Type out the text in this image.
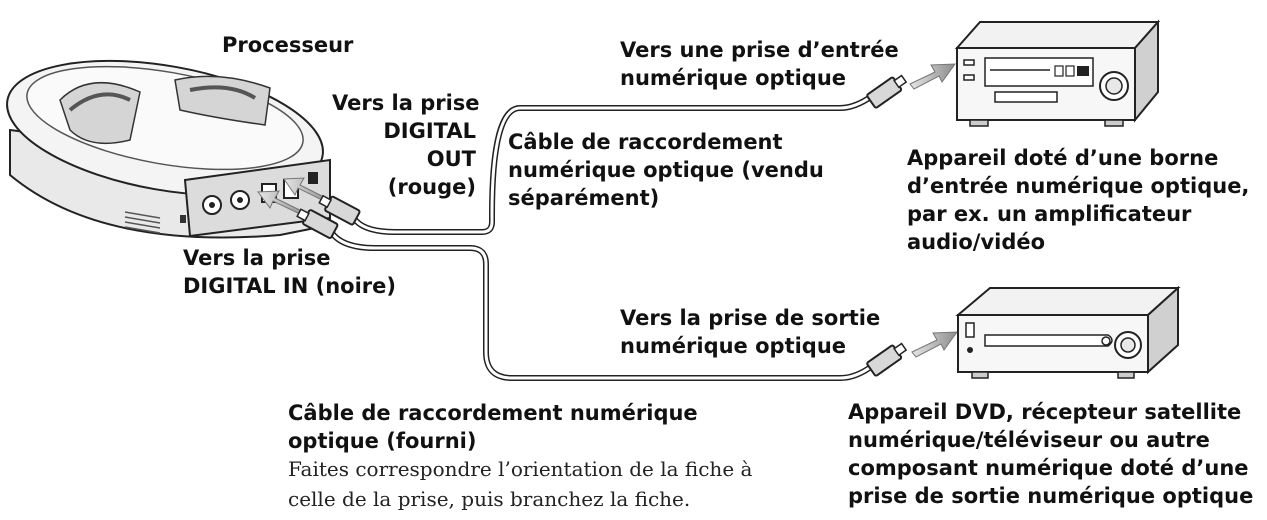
Processeur
Vers la prise
DIGITAL
OUT
(rouge)
Vers la prise
DIGITAL IN (noire)
Vers une prise d’entrée
numérique optique
Câble de raccordement
numérique optique (vendu
séparément)
Appareil doté d’une borne
d’entrée numérique optique,
par ex. un amplificateur
audio/vidéo
Vers la prise de sortie
numérique optique
Appareil DVD, récepteur satellite
numérique/téléviseur ou autre
composant numérique doté d’une
prise de sortie numérique optique
Câble de raccordement numérique
optique (fourni)
Faites correspondre l’orientation de la fiche à
celle de la prise, puis branchez la fiche.
